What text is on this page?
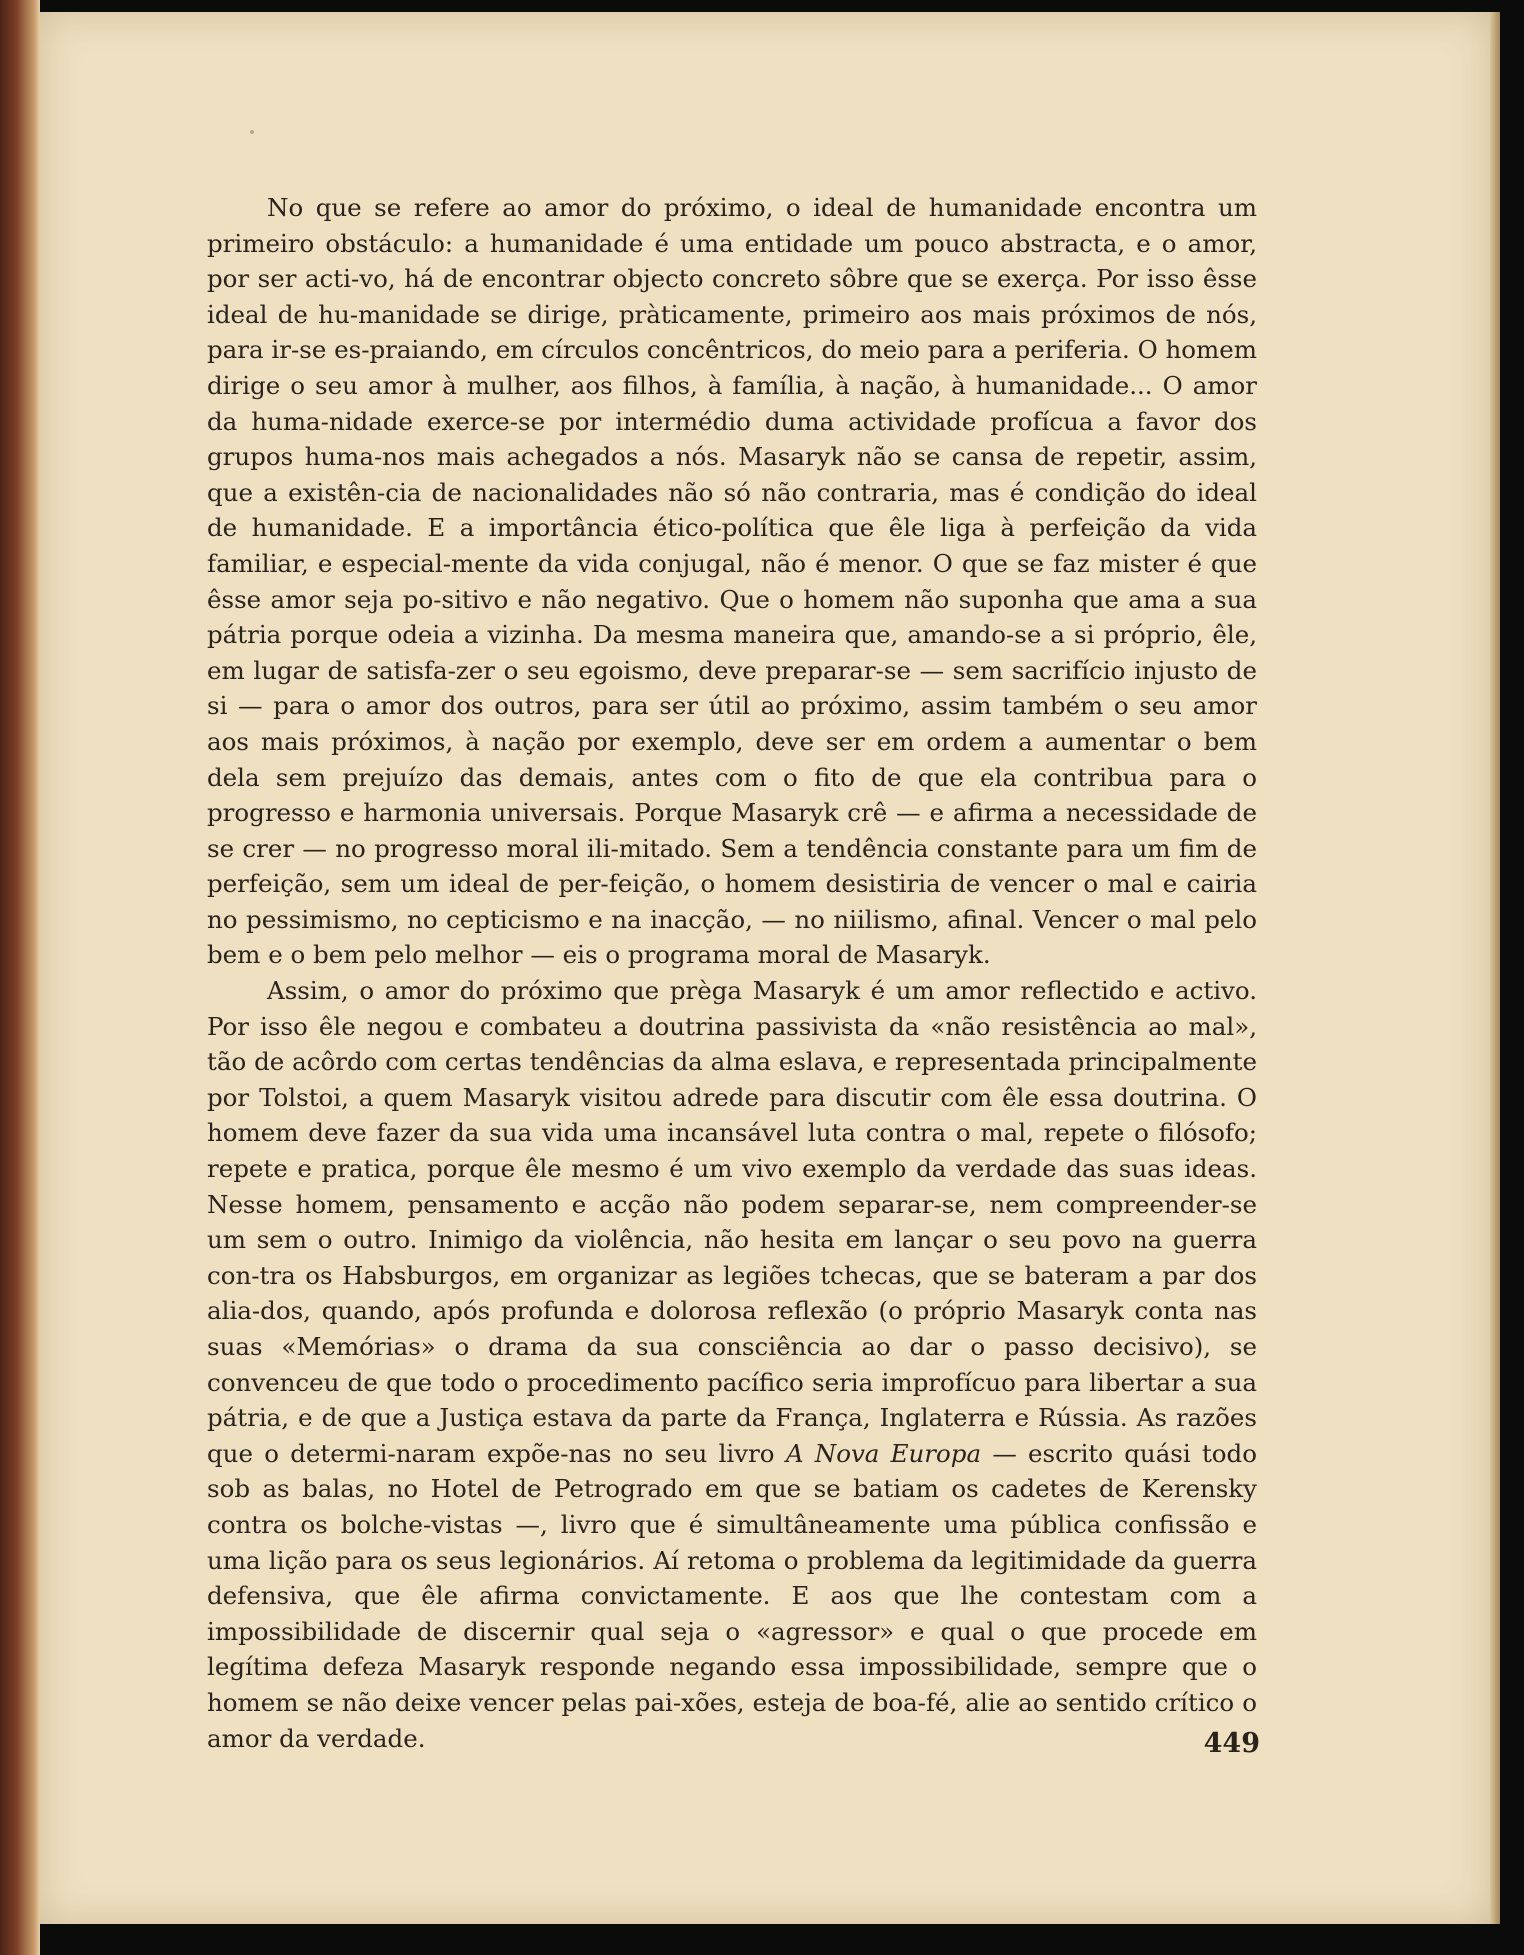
No que se refere ao amor do próximo, o ideal de humanidade encontra um primeiro obstáculo: a humanidade é uma entidade um pouco abstracta, e o amor, por ser acti-vo, há de encontrar objecto concreto sôbre que se exerça. Por isso êsse ideal de hu-manidade se dirige, pràticamente, primeiro aos mais próximos de nós, para ir-se es-praiando, em círculos concêntricos, do meio para a periferia. O homem dirige o seu amor à mulher, aos filhos, à família, à nação, à humanidade... O amor da huma-nidade exerce-se por intermédio duma actividade profícua a favor dos grupos huma-nos mais achegados a nós. Masaryk não se cansa de repetir, assim, que a existên-cia de nacionalidades não só não contraria, mas é condição do ideal de humanidade. E a importância ético-política que êle liga à perfeição da vida familiar, e especial-mente da vida conjugal, não é menor. O que se faz mister é que êsse amor seja po-sitivo e não negativo. Que o homem não suponha que ama a sua pátria porque odeia a vizinha. Da mesma maneira que, amando-se a si próprio, êle, em lugar de satisfa-zer o seu egoismo, deve preparar-se — sem sacrifício injusto de si — para o amor dos outros, para ser útil ao próximo, assim também o seu amor aos mais próximos, à nação por exemplo, deve ser em ordem a aumentar o bem dela sem prejuízo das demais, antes com o fito de que ela contribua para o progresso e harmonia universais. Porque Masaryk crê — e afirma a necessidade de se crer — no progresso moral ili-mitado. Sem a tendência constante para um fim de perfeição, sem um ideal de per-feição, o homem desistiria de vencer o mal e cairia no pessimismo, no cepticismo e na inacção, — no niilismo, afinal. Vencer o mal pelo bem e o bem pelo melhor — eis o programa moral de Masaryk.

Assim, o amor do próximo que prèga Masaryk é um amor reflectido e activo. Por isso êle negou e combateu a doutrina passivista da «não resistência ao mal», tão de acôrdo com certas tendências da alma eslava, e representada principalmente por Tolstoi, a quem Masaryk visitou adrede para discutir com êle essa doutrina. O homem deve fazer da sua vida uma incansável luta contra o mal, repete o filósofo; repete e pratica, porque êle mesmo é um vivo exemplo da verdade das suas ideas. Nesse homem, pensamento e acção não podem separar-se, nem compreender-se um sem o outro. Inimigo da violência, não hesita em lançar o seu povo na guerra con-tra os Habsburgos, em organizar as legiões tchecas, que se bateram a par dos alia-dos, quando, após profunda e dolorosa reflexão (o próprio Masaryk conta nas suas «Memórias» o drama da sua consciência ao dar o passo decisivo), se convenceu de que todo o procedimento pacífico seria improfícuo para libertar a sua pátria, e de que a Justiça estava da parte da França, Inglaterra e Rússia. As razões que o determi-naram expõe-nas no seu livro A Nova Europa — escrito quási todo sob as balas, no Hotel de Petrogrado em que se batiam os cadetes de Kerensky contra os bolche-vistas —, livro que é simultâneamente uma pública confissão e uma lição para os seus legionários. Aí retoma o problema da legitimidade da guerra defensiva, que êle afirma convictamente. E aos que lhe contestam com a impossibilidade de discernir qual seja o «agressor» e qual o que procede em legítima defeza Masaryk responde negando essa impossibilidade, sempre que o homem se não deixe vencer pelas pai-xões, esteja de boa-fé, alie ao sentido crítico o amor da verdade.	449
